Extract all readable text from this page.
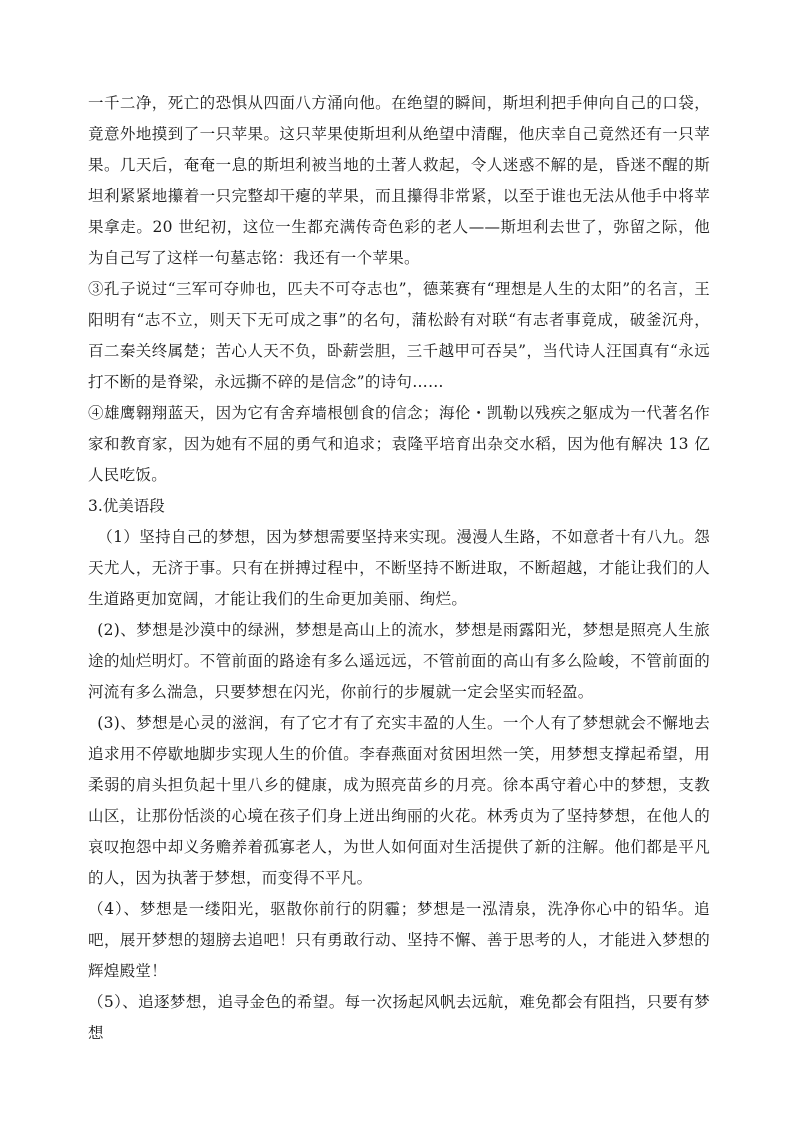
一千二净，死亡的恐惧从四面八方涌向他。在绝望的瞬间，斯坦利把手伸向自己的口袋，竟意外地摸到了一只苹果。这只苹果使斯坦利从绝望中清醒，他庆幸自己竟然还有一只苹果。几天后，奄奄一息的斯坦利被当地的土著人救起，令人迷惑不解的是，昏迷不醒的斯坦利紧紧地攥着一只完整却干瘪的苹果，而且攥得非常紧，以至于谁也无法从他手中将苹果拿走。20 世纪初，这位一生都充满传奇色彩的老人——斯坦利去世了，弥留之际，他为自己写了这样一句墓志铭：我还有一个苹果。

③孔子说过“三军可夺帅也，匹夫不可夺志也”，德莱赛有“理想是人生的太阳”的名言，王阳明有“志不立，则天下无可成之事”的名句，蒲松龄有对联“有志者事竟成，破釜沉舟，百二秦关终属楚；苦心人天不负，卧薪尝胆，三千越甲可吞吴”，当代诗人汪国真有“永远打不断的是脊梁，永远撕不碎的是信念”的诗句……

④雄鹰翱翔蓝天，因为它有舍弃墙根刨食的信念；海伦・凯勒以残疾之躯成为一代著名作家和教育家，因为她有不屈的勇气和追求；袁隆平培育出杂交水稻，因为他有解决 13 亿人民吃饭。

3.优美语段

（1）坚持自己的梦想，因为梦想需要坚持来实现。漫漫人生路，不如意者十有八九。怨天尤人，无济于事。只有在拼搏过程中，不断坚持不断进取，不断超越，才能让我们的人生道路更加宽阔，才能让我们的生命更加美丽、绚烂。

(2)、梦想是沙漠中的绿洲，梦想是高山上的流水，梦想是雨露阳光，梦想是照亮人生旅途的灿烂明灯。不管前面的路途有多么遥远远，不管前面的高山有多么险峻，不管前面的河流有多么湍急，只要梦想在闪光，你前行的步履就一定会坚实而轻盈。

(3)、梦想是心灵的滋润，有了它才有了充实丰盈的人生。一个人有了梦想就会不懈地去追求用不停歇地脚步实现人生的价值。李春燕面对贫困坦然一笑，用梦想支撑起希望，用柔弱的肩头担负起十里八乡的健康，成为照亮苗乡的月亮。徐本禹守着心中的梦想，支教山区，让那份恬淡的心境在孩子们身上迸出绚丽的火花。林秀贞为了坚持梦想，在他人的哀叹抱怨中却义务赡养着孤寡老人，为世人如何面对生活提供了新的注解。他们都是平凡的人，因为执著于梦想，而变得不平凡。

（4）、梦想是一缕阳光，驱散你前行的阴霾；梦想是一泓清泉，洗净你心中的铅华。追吧，展开梦想的翅膀去追吧！只有勇敢行动、坚持不懈、善于思考的人，才能进入梦想的辉煌殿堂！

（5）、追逐梦想，追寻金色的希望。每一次扬起风帆去远航，难免都会有阻挡，只要有梦想
